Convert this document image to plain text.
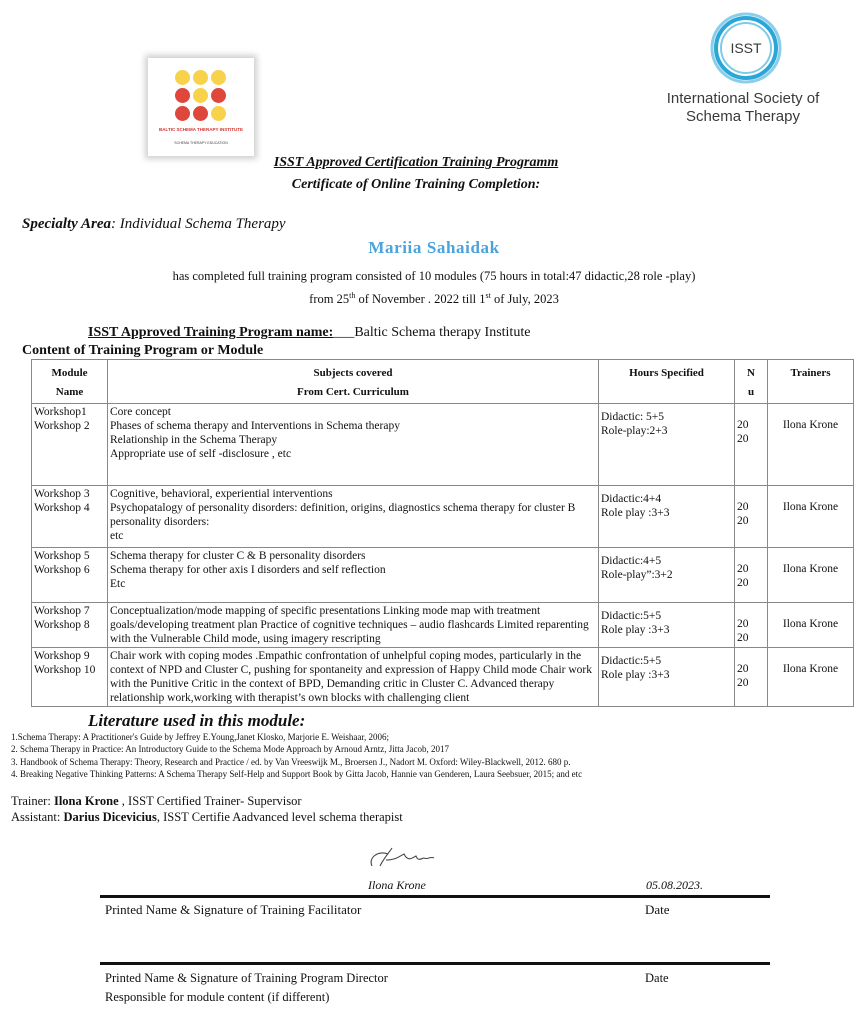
BALTIC SCHEMA THERAPY INSTITUTE
SCHEMA THERAPY EDUCATION
ISST
International Society of
Schema Therapy
ISST Approved Certification Training Programm
Certificate of Online Training Completion:
Specialty Area: Individual Schema Therapy
Mariia Sahaidak
has completed full training program consisted of 10 modules (75 hours in total:47 didactic,28 role -play)
from 25th of November . 2022 till 1st of July, 2023
ISST Approved Training Program name:___Baltic Schema therapy Institute
Content of Training Program or Module
Module
Name	Subjects covered
From Cert. Curriculum	Hours Specified	N
u	Trainers

Workshop1
Workshop 2	Core concept
Phases of schema therapy and Interventions in Schema therapy
Relationship in the Schema Therapy
Appropriate use of self -disclosure , etc	Didactic: 5+5
Role-play:2+3	20
20	Ilona Krone

Workshop 3
Workshop 4	Cognitive, behavioral, experiential interventions
Psychopatalogy of personality disorders: definition, origins, diagnostics schema therapy for cluster B personality disorders:
etc	Didactic:4+4
Role play :3+3	20
20	Ilona Krone

Workshop 5
Workshop 6	Schema therapy for cluster C & B personality disorders
Schema therapy for other axis I disorders and self reflection
Etc	Didactic:4+5
Role-play”:3+2	20
20	Ilona Krone

Workshop 7
Workshop 8	Conceptualization/mode mapping of specific presentations Linking mode map with treatment goals/developing treatment plan Practice of cognitive techniques – audio flashcards Limited reparenting with the Vulnerable Child mode, using imagery rescripting	Didactic:5+5
Role play :3+3	20
20	Ilona Krone

Workshop 9
Workshop 10	Chair work with coping modes .Empathic confrontation of unhelpful coping modes, particularly in the context of NPD and Cluster C, pushing for spontaneity and expression of Happy Child mode Chair work with the Punitive Critic in the context of BPD, Demanding critic in Cluster C. Advanced therapy relationship work,working with therapist’s own blocks with challenging client	Didactic:5+5
Role play :3+3	20
20	Ilona Krone
Literature used in this module:
1.Schema Therapy: A Practitioner's Guide by Jeffrey E.Young,Janet Klosko, Marjorie E. Weishaar, 2006;
2. Schema Therapy in Practice: An Introductory Guide to the Schema Mode Approach by Arnoud Arntz, Jitta Jacob, 2017
3. Handbook of Schema Therapy: Theory, Research and Practice / ed. by Van Vreeswijk M., Broersen J., Nadort M. Oxford: Wiley-Blackwell, 2012. 680 p.
4. Breaking Negative Thinking Patterns: A Schema Therapy Self-Help and Support Book by Gitta Jacob, Hannie van Genderen, Laura Seebsuer, 2015; and etc
Trainer: Ilona Krone , ISST Certified Trainer- Supervisor
Assistant: Darius Dicevicius, ISST Certifie Aadvanced level schema therapist
Ilona Krone	05.08.2023.
Printed Name & Signature of Training Facilitator	Date
Printed Name & Signature of Training Program Director	Date
Responsible for module content (if different)
